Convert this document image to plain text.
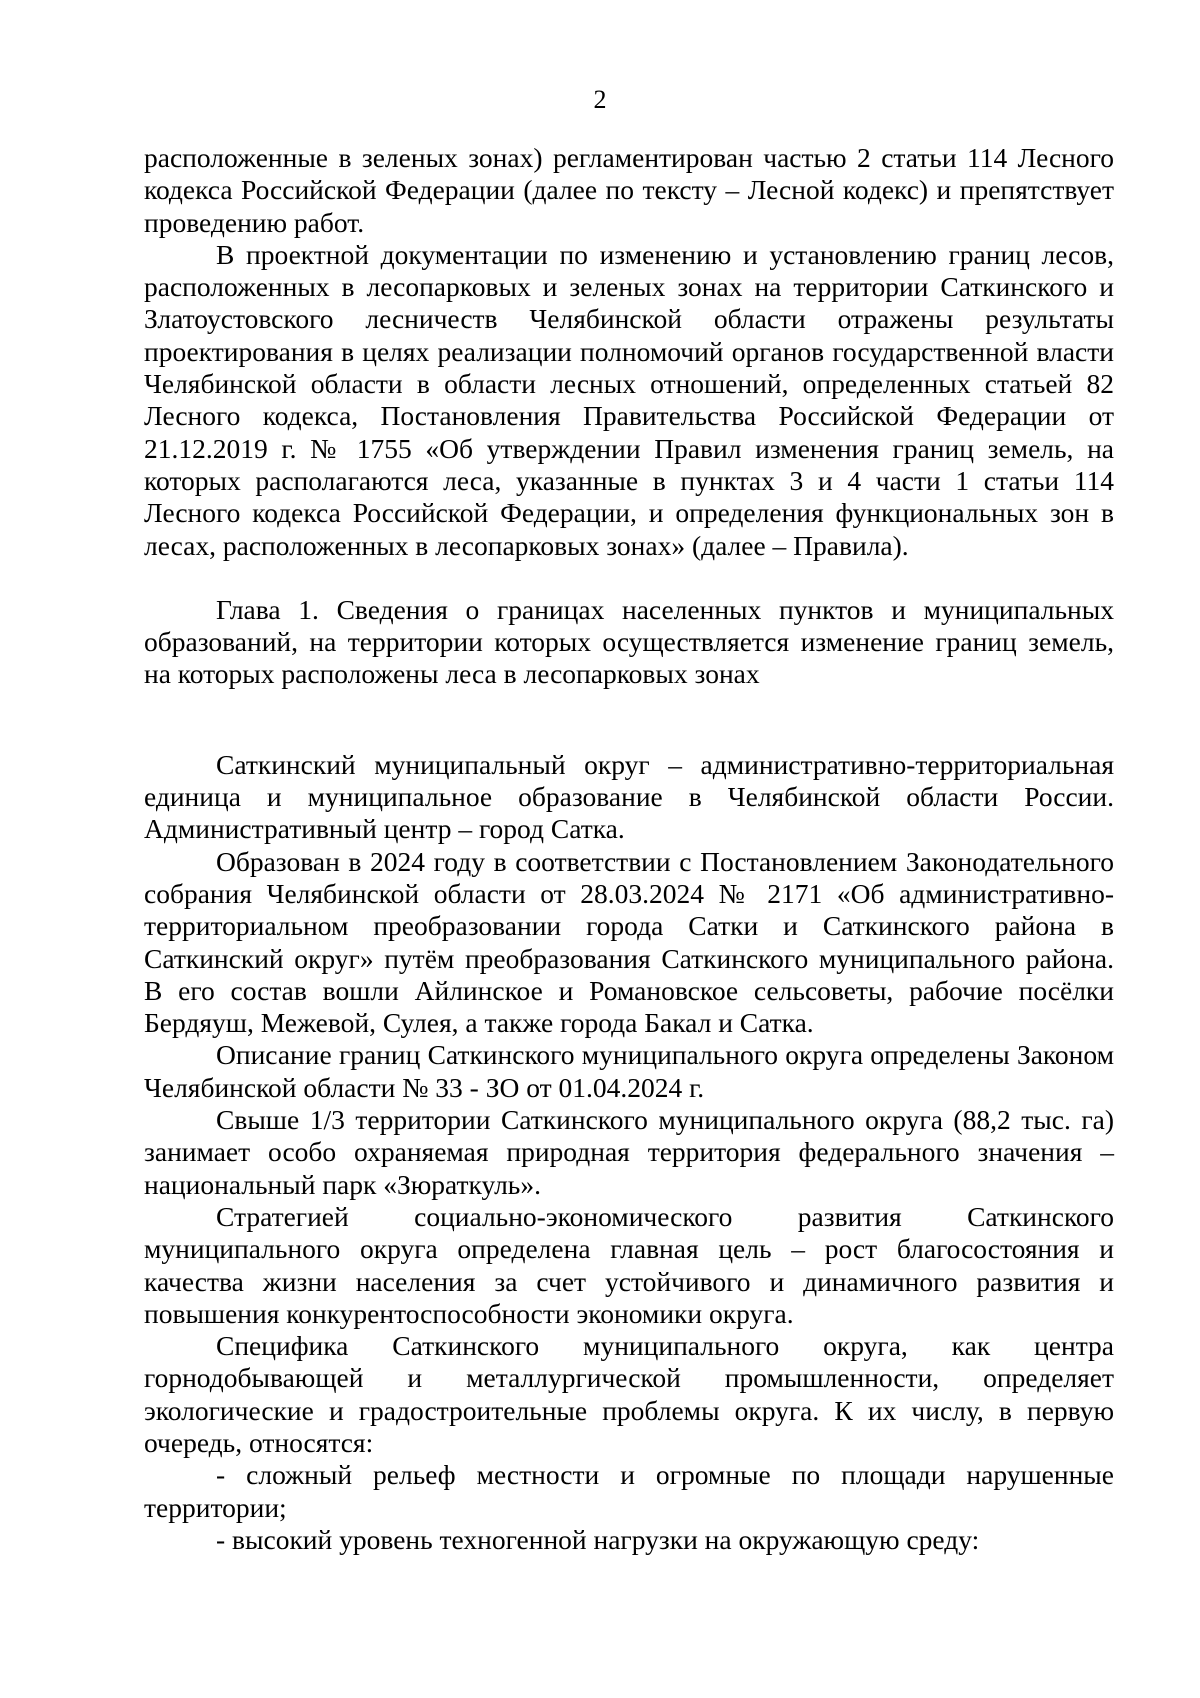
2

расположенные в зеленых зонах) регламентирован частью 2 статьи 114 Лесного кодекса Российской Федерации (далее по тексту – Лесной кодекс) и препятствует проведению работ.

В проектной документации по изменению и установлению границ лесов, расположенных в лесопарковых и зеленых зонах на территории Саткинского и Златоустовского лесничеств Челябинской области отражены результаты проектирования в целях реализации полномочий органов государственной власти Челябинской области в области лесных отношений, определенных статьей 82 Лесного кодекса, Постановления Правительства Российской Федерации от 21.12.2019 г. № 1755 «Об утверждении Правил изменения границ земель, на которых располагаются леса, указанные в пунктах 3 и 4 части 1 статьи 114 Лесного кодекса Российской Федерации, и определения функциональных зон в лесах, расположенных в лесопарковых зонах» (далее – Правила).

Глава 1. Сведения о границах населенных пунктов и муниципальных образований, на территории которых осуществляется изменение границ земель, на которых расположены леса в лесопарковых зонах

Саткинский муниципальный округ – административно-территориальная единица и муниципальное образование в Челябинской области России. Административный центр – город Сатка.

Образован в 2024 году в соответствии с Постановлением Законодательного собрания Челябинской области от 28.03.2024 № 2171 «Об административно-территориальном преобразовании города Сатки и Саткинского района в Саткинский округ» путём преобразования Саткинского муниципального района. В его состав вошли Айлинское и Романовское сельсоветы, рабочие посёлки Бердяуш, Межевой, Сулея, а также города Бакал и Сатка.

Описание границ Саткинского муниципального округа определены Законом Челябинской области № 33 - ЗО от 01.04.2024 г.

Свыше 1/3 территории Саткинского муниципального округа (88,2 тыс. га) занимает особо охраняемая природная территория федерального значения – национальный парк «Зюраткуль».

Стратегией социально-экономического развития Саткинского муниципального округа определена главная цель – рост благосостояния и качества жизни населения за счет устойчивого и динамичного развития и повышения конкурентоспособности экономики округа.

Специфика Саткинского муниципального округа, как центра горнодобывающей и металлургической промышленности, определяет экологические и градостроительные проблемы округа. К их числу, в первую очередь, относятся:

- сложный рельеф местности и огромные по площади нарушенные территории;

- высокий уровень техногенной нагрузки на окружающую среду:
